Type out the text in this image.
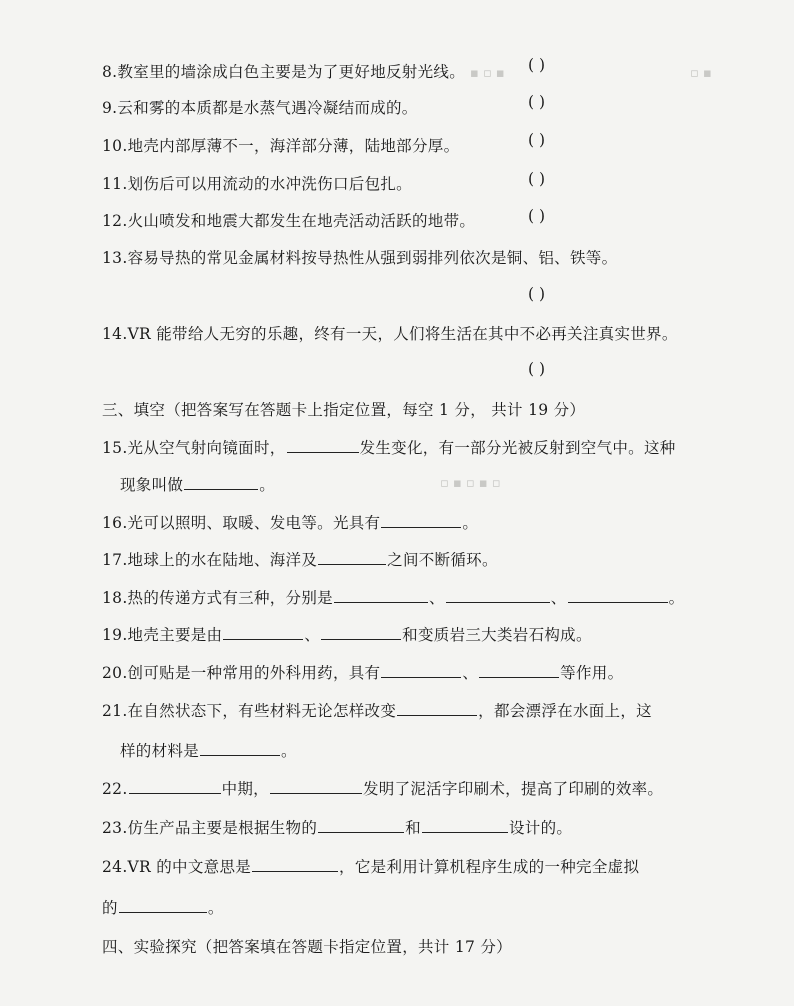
▪ ▫ ▪	▫ ▪
▫ ▪ ▫ ▪ ▫
8.教室里的墙涂成白色主要是为了更好地反射光线。	( )
9.云和雾的本质都是水蒸气遇冷凝结而成的。	( )
10.地壳内部厚薄不一，海洋部分薄，陆地部分厚。	( )
11.划伤后可以用流动的水冲洗伤口后包扎。	( )
12.火山喷发和地震大都发生在地壳活动活跃的地带。	( )
13.容易导热的常见金属材料按导热性从强到弱排列依次是铜、铝、铁等。
( )
14.VR 能带给人无穷的乐趣，终有一天，人们将生活在其中不必再关注真实世界。
( )
三、填空（把答案写在答题卡上指定位置，每空 1 分， 共计 19 分）
15.光从空气射向镜面时，	发生变化，有一部分光被反射到空气中。这种
现象叫做	。
16.光可以照明、取暖、发电等。光具有	。
17.地球上的水在陆地、海洋及	之间不断循环。
18.热的传递方式有三种，分别是	、	、	。
19.地壳主要是由	、	和变质岩三大类岩石构成。
20.创可贴是一种常用的外科用药，具有	、	等作用。
21.在自然状态下，有些材料无论怎样改变	，都会漂浮在水面上，这
样的材料是	。
22.	中期，	发明了泥活字印刷术，提高了印刷的效率。
23.仿生产品主要是根据生物的	和	设计的。
24.VR 的中文意思是	，它是利用计算机程序生成的一种完全虚拟
的	。
四、实验探究（把答案填在答题卡指定位置，共计 17 分）
